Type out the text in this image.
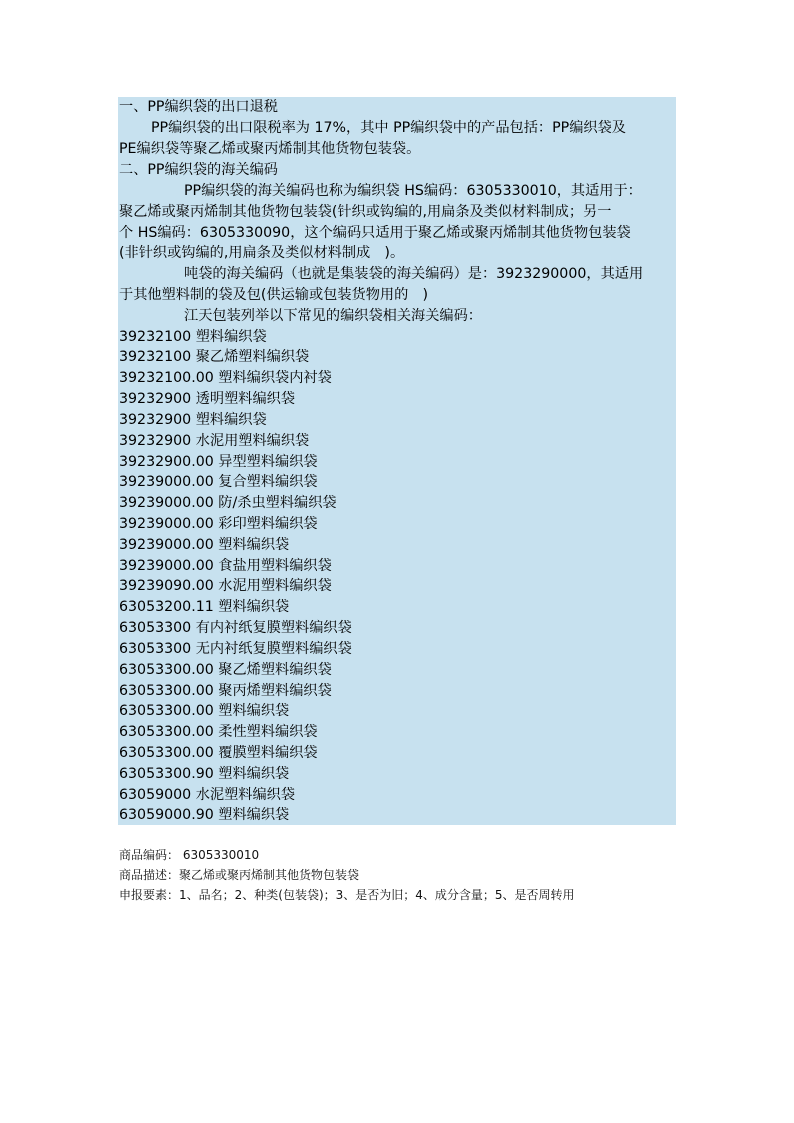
一、PP编织袋的出口退税
PP编织袋的出口限税率为 17%，其中 PP编织袋中的产品包括：PP编织袋及
PE编织袋等聚乙烯或聚丙烯制其他货物包装袋。
二、PP编织袋的海关编码
PP编织袋的海关编码也称为编织袋 HS编码：6305330010，其适用于：
聚乙烯或聚丙烯制其他货物包装袋(针织或钩编的,用扁条及类似材料制成；另一
个 HS编码：6305330090，这个编码只适用于聚乙烯或聚丙烯制其他货物包装袋
(非针织或钩编的,用扁条及类似材料制成　)。
吨袋的海关编码（也就是集装袋的海关编码）是：3923290000，其适用
于其他塑料制的袋及包(供运输或包装货物用的　)
江天包装列举以下常见的编织袋相关海关编码：
39232100 塑料编织袋
39232100 聚乙烯塑料编织袋
39232100.00 塑料编织袋内衬袋
39232900 透明塑料编织袋
39232900 塑料编织袋
39232900 水泥用塑料编织袋
39232900.00 异型塑料编织袋
39239000.00 复合塑料编织袋
39239000.00 防/杀虫塑料编织袋
39239000.00 彩印塑料编织袋
39239000.00 塑料编织袋
39239000.00 食盐用塑料编织袋
39239090.00 水泥用塑料编织袋
63053200.11 塑料编织袋
63053300 有内衬纸复膜塑料编织袋
63053300 无内衬纸复膜塑料编织袋
63053300.00 聚乙烯塑料编织袋
63053300.00 聚丙烯塑料编织袋
63053300.00 塑料编织袋
63053300.00 柔性塑料编织袋
63053300.00 覆膜塑料编织袋
63053300.90 塑料编织袋
63059000 水泥塑料编织袋
63059000.90 塑料编织袋
商品编码： 6305330010
商品描述：聚乙烯或聚丙烯制其他货物包装袋
申报要素：1、品名；2、种类(包装袋)；3、是否为旧；4、成分含量；5、是否周转用
